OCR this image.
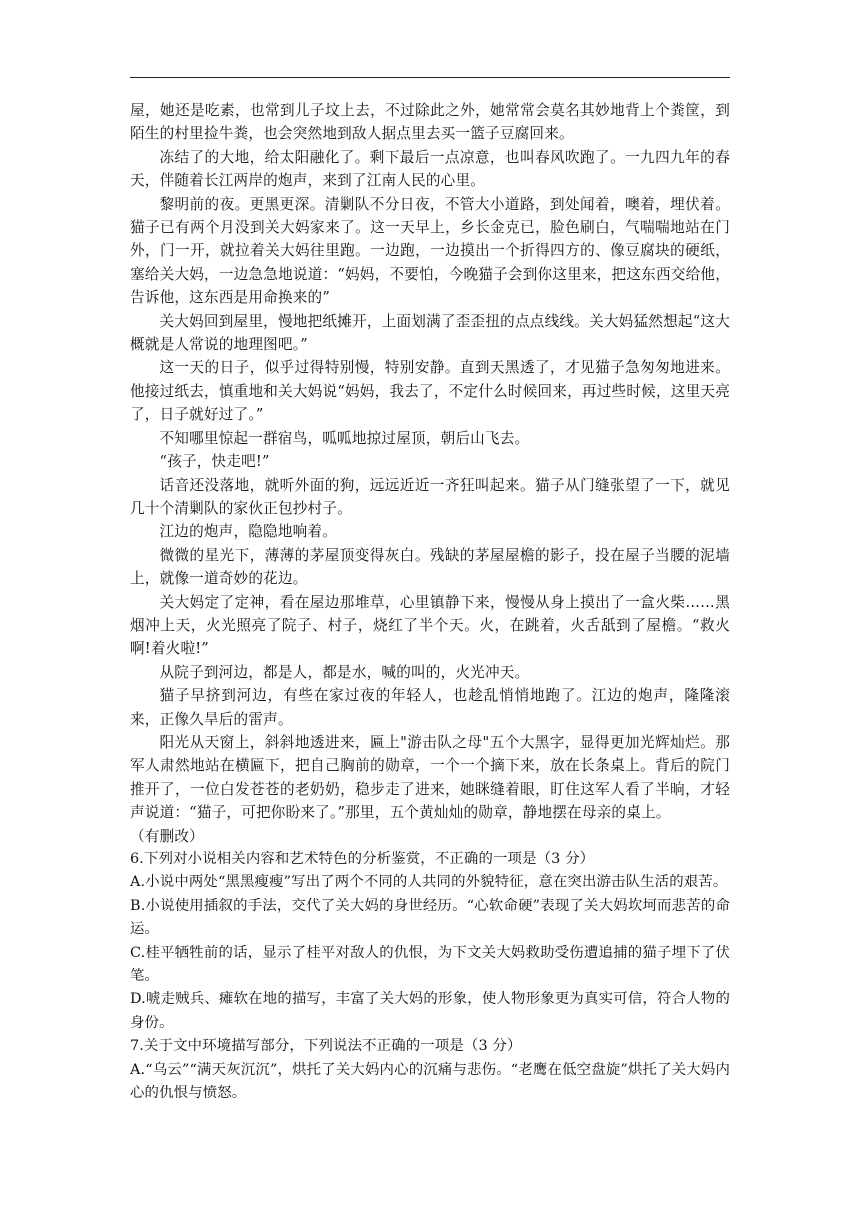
屋，她还是吃素，也常到儿子坟上去，不过除此之外，她常常会莫名其妙地背上个粪筐，到陌生的村里捡牛粪，也会突然地到敌人据点里去买一篮子豆腐回来。

冻结了的大地，给太阳融化了。剩下最后一点凉意，也叫春风吹跑了。一九四九年的春天，伴随着长江两岸的炮声，来到了江南人民的心里。

黎明前的夜。更黑更深。清剿队不分日夜，不管大小道路，到处闻着，噢着，埋伏着。猫子已有两个月没到关大妈家来了。这一天早上，乡长金克已，脸色刷白，气喘喘地站在门外，门一开，就拉着关大妈往里跑。一边跑，一边摸出一个折得四方的、像豆腐块的硬纸，塞给关大妈，一边急急地说道：“妈妈，不要怕，今晚猫子会到你这里来，把这东西交给他，告诉他，这东西是用命换来的”

关大妈回到屋里，慢地把纸摊开，上面划满了歪歪扭的点点线线。关大妈猛然想起“这大概就是人常说的地理图吧。”

这一天的日子，似乎过得特别慢，特别安静。直到天黑透了，才见猫子急匆匆地进来。他接过纸去，慎重地和关大妈说“妈妈，我去了，不定什么时候回来，再过些时候，这里天亮了，日子就好过了。”

不知哪里惊起一群宿鸟，呱呱地掠过屋顶，朝后山飞去。

“孩子，快走吧!”

话音还没落地，就听外面的狗，远远近近一齐狂叫起来。猫子从门缝张望了一下，就见几十个清剿队的家伙正包抄村子。

江边的炮声，隐隐地响着。

微微的星光下，薄薄的茅屋顶变得灰白。残缺的茅屋屋檐的影子，投在屋子当腰的泥墙上，就像一道奇妙的花边。

关大妈定了定神，看在屋边那堆草，心里镇静下来，慢慢从身上摸出了一盒火柴……黑烟冲上天，火光照亮了院子、村子，烧红了半个天。火，在跳着，火舌舐到了屋檐。“救火啊!着火啦!”

从院子到河边，都是人，都是水，喊的叫的，火光冲天。

猫子早挤到河边，有些在家过夜的年轻人，也趁乱悄悄地跑了。江边的炮声，隆隆滚来，正像久旱后的雷声。

阳光从天窗上，斜斜地透进来，匾上"游击队之母"五个大黑字，显得更加光辉灿烂。那军人肃然地站在横匾下，把自己胸前的勋章，一个一个摘下来，放在长条桌上。背后的院门推开了，一位白发苍苍的老奶奶，稳步走了进来，她眯缝着眼，盯住这军人看了半晌，才轻声说道：“猫子，可把你盼来了。”那里，五个黄灿灿的勋章，静地摆在母亲的桌上。

（有删改）

6.下列对小说相关内容和艺术特色的分析鉴赏，不正确的一项是（3 分）

A.小说中两处“黑黑瘦瘦”写出了两个不同的人共同的外貌特征，意在突出游击队生活的艰苦。

B.小说使用插叙的手法，交代了关大妈的身世经历。“心软命硬”表现了关大妈坎坷而悲苦的命运。

C.桂平牺牲前的话，显示了桂平对敌人的仇恨，为下文关大妈救助受伤遭追捕的猫子埋下了伏笔。

D.唬走贼兵、瘫软在地的描写，丰富了关大妈的形象，使人物形象更为真实可信，符合人物的身份。

7.关于文中环境描写部分，下列说法不正确的一项是（3 分）

A.“乌云”“满天灰沉沉”，烘托了关大妈内心的沉痛与悲伤。“老鹰在低空盘旋”烘托了关大妈内心的仇恨与愤怒。
